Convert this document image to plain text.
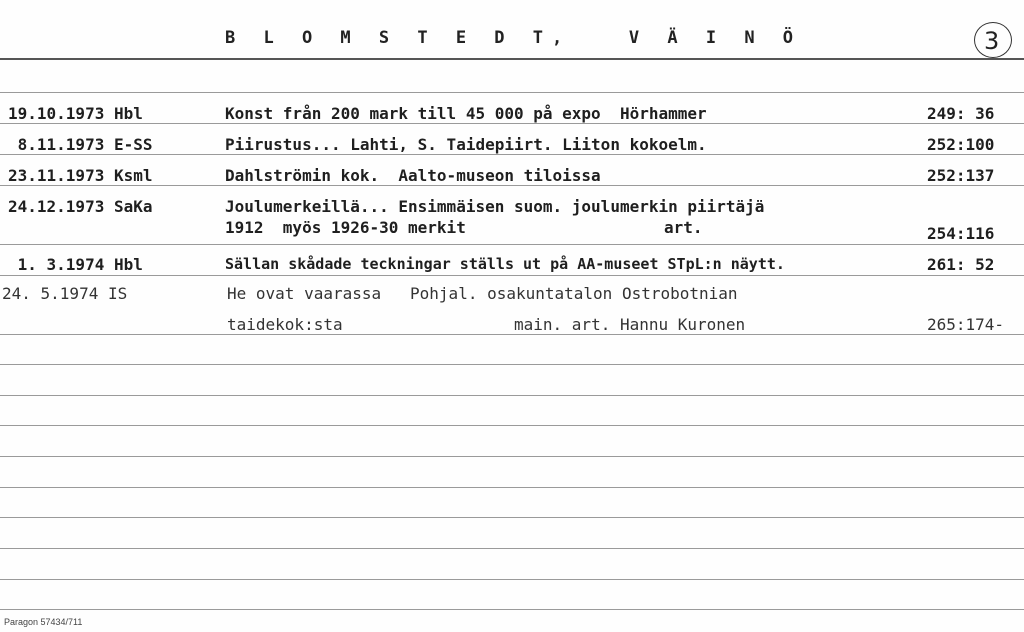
B L O M S T E D T,   V Ä I N Ö	3
19.10.1973 Hbl	Konst från 200 mark till 45 000 på expo  Hörhammer	249: 36
8.11.1973 E-SS	Piirustus... Lahti, S. Taidepiirt. Liiton kokoelm.	252:100
23.11.1973 Ksml	Dahlströmin kok.  Aalto-museon tiloissa	252:137
24.12.1973 SaKa	Joulumerkeillä... Ensimmäisen suom. joulumerkin piirtäjä
1912  myös 1926-30 merkit	art.	254:116
1. 3.1974 Hbl	Sällan skådade teckningar ställs ut på AA-museet STpL:n näytt.	261: 52
24. 5.1974 IS	He ovat vaarassa   Pohjal. osakuntatalon Ostrobotnian
taidekok:sta	main. art. Hannu Kuronen	265:174-
Paragon 57434/711
